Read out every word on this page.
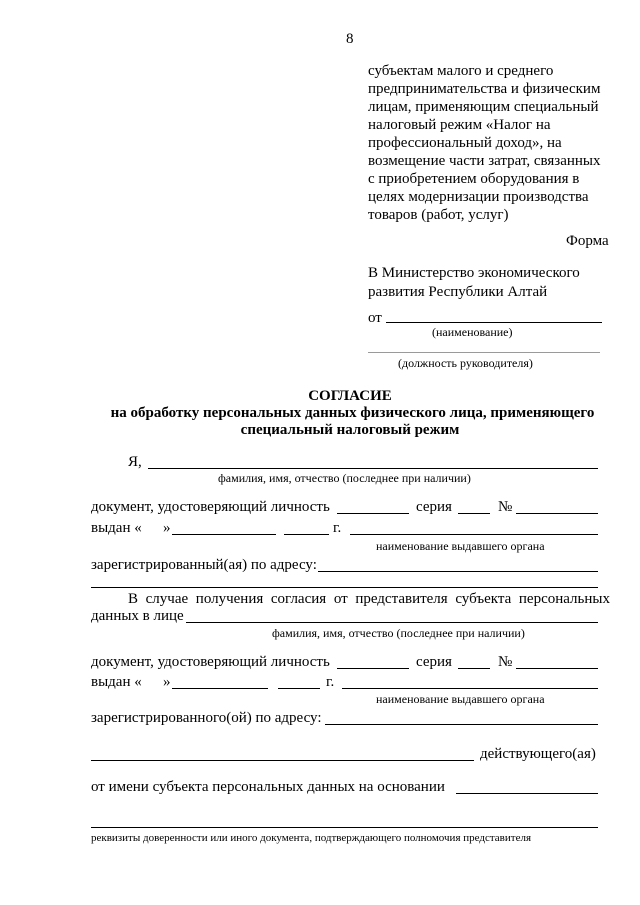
8
субъектам малого и среднего
предпринимательства и физическим
лицам, применяющим специальный
налоговый режим «Налог на
профессиональный доход», на
возмещение части затрат, связанных
с приобретением оборудования в
целях модернизации производства
товаров (работ, услуг)
Форма
В Министерство экономического
развития Республики Алтай
от
(наименование)
(должность руководителя)
СОГЛАСИЕ
на обработку персональных данных физического лица, применяющего
специальный налоговый режим
Я,
фамилия, имя, отчество (последнее при наличии)
документ, удостоверяющий личность	серия	№
выдан « »	г.
наименование выдавшего органа
зарегистрированный(ая) по адресу:
В случае получения согласия от представителя субъекта персональных
данных в лице
фамилия, имя, отчество (последнее при наличии)
документ, удостоверяющий личность	серия	№
выдан « »	г.
наименование выдавшего органа
зарегистрированного(ой) по адресу:
действующего(ая)
от имени субъекта персональных данных на основании
реквизиты доверенности или иного документа, подтверждающего полномочия представителя
